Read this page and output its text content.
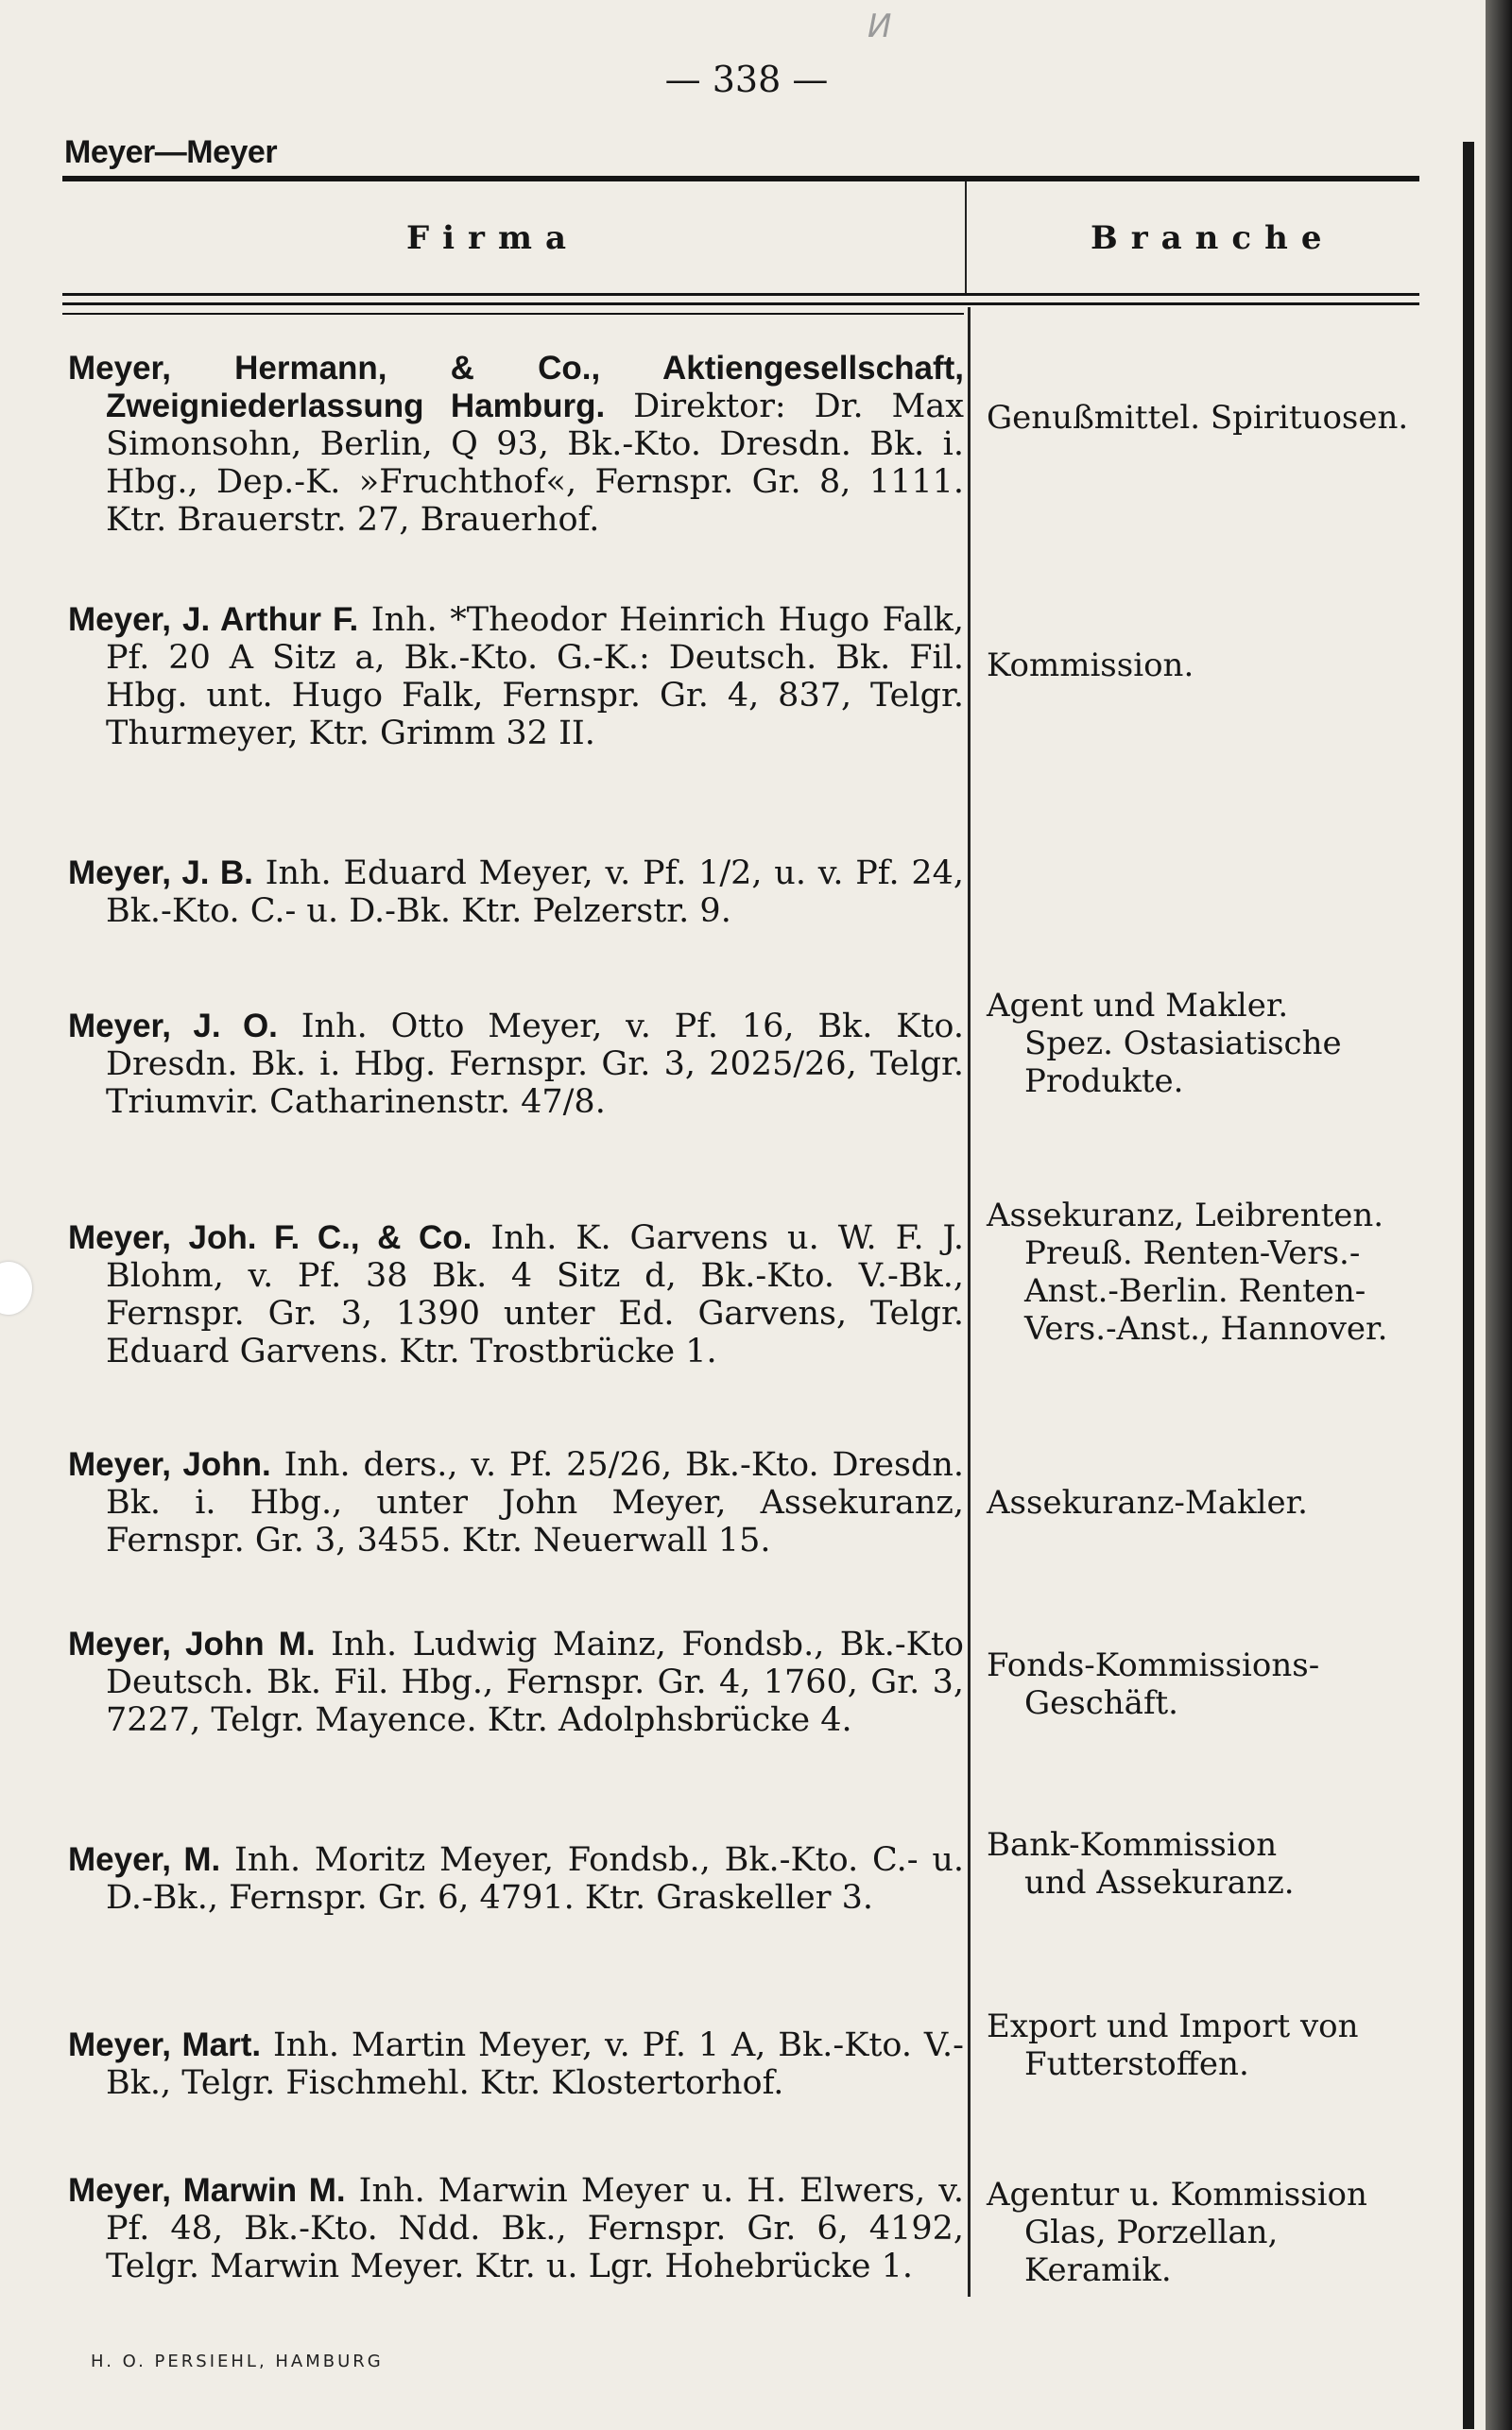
И
— 338 —
Meyer—Meyer
Firma	Branche
Meyer, Hermann, & Co., Aktiengesellschaft, Zweigniederlassung Hamburg. Direktor: Dr. Max Simonsohn, Berlin, Q 93, Bk.-Kto. Dresdn. Bk. i. Hbg., Dep.-K. »Fruchthof«, Fernspr. Gr. 8, 1111. Ktr. Brauerstr. 27, Brauerhof.
Genußmittel. Spirituosen.
Meyer, J. Arthur F. Inh. *Theodor Heinrich Hugo Falk, Pf. 20 A Sitz a, Bk.-Kto. G.-K.: Deutsch. Bk. Fil. Hbg. unt. Hugo Falk, Fernspr. Gr. 4, 837, Telgr. Thurmeyer, Ktr. Grimm 32 II.
Kommission.
Meyer, J. B. Inh. Eduard Meyer, v. Pf. 1/2, u. v. Pf. 24, Bk.-Kto. C.- u. D.-Bk. Ktr. Pelzerstr. 9.
Meyer, J. O. Inh. Otto Meyer, v. Pf. 16, Bk. Kto. Dresdn. Bk. i. Hbg. Fernspr. Gr. 3, 2025/26, Telgr. Triumvir. Catharinenstr. 47/8.
Agent und Makler.
Spez. Ostasiatische
Produkte.
Meyer, Joh. F. C., & Co. Inh. K. Garvens u. W. F. J. Blohm, v. Pf. 38 Bk. 4 Sitz d, Bk.-Kto. V.-Bk., Fernspr. Gr. 3, 1390 unter Ed. Garvens, Telgr. Eduard Garvens. Ktr. Trostbrücke 1.
Assekuranz, Leibrenten.
Preuß. Renten-Vers.-
Anst.-Berlin. Renten-
Vers.-Anst., Hannover.
Meyer, John. Inh. ders., v. Pf. 25/26, Bk.-Kto. Dresdn. Bk. i. Hbg., unter John Meyer, Assekuranz, Fernspr. Gr. 3, 3455. Ktr. Neuerwall 15.
Assekuranz-Makler.
Meyer, John M. Inh. Ludwig Mainz, Fondsb., Bk.-Kto Deutsch. Bk. Fil. Hbg., Fernspr. Gr. 4, 1760, Gr. 3, 7227, Telgr. Mayence. Ktr. Adolphsbrücke 4.
Fonds-Kommissions-
Geschäft.
Meyer, M. Inh. Moritz Meyer, Fondsb., Bk.-Kto. C.- u. D.-Bk., Fernspr. Gr. 6, 4791. Ktr. Graskeller 3.
Bank-Kommission
und Assekuranz.
Meyer, Mart. Inh. Martin Meyer, v. Pf. 1 A, Bk.-Kto. V.-Bk., Telgr. Fischmehl. Ktr. Klostertorhof.
Export und Import von
Futterstoffen.
Meyer, Marwin M. Inh. Marwin Meyer u. H. Elwers, v. Pf. 48, Bk.-Kto. Ndd. Bk., Fernspr. Gr. 6, 4192, Telgr. Marwin Meyer. Ktr. u. Lgr. Hohebrücke 1.
Agentur u. Kommission
Glas, Porzellan,
Keramik.
H. O. PERSIEHL, HAMBURG
